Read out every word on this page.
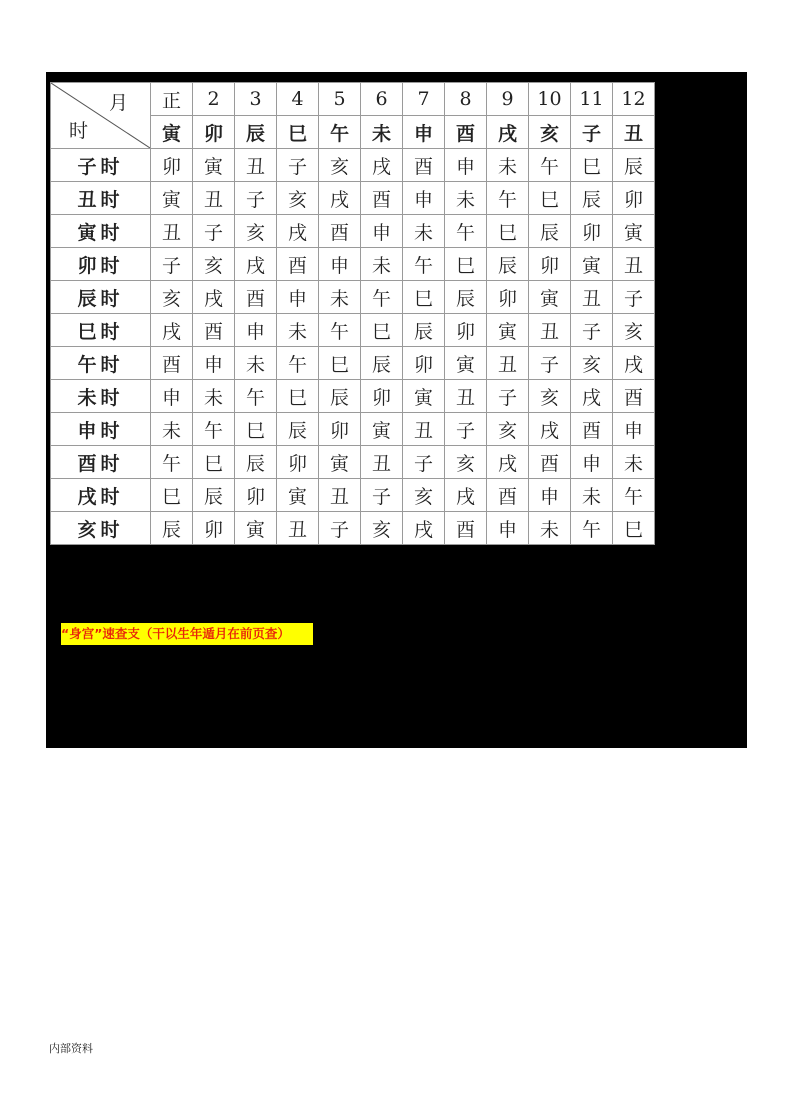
月
时	正	2	3	4	5	6	7	8	9	10	11	12
	寅	卯	辰	巳	午	未	申	酉	戌	亥	子	丑
子时	卯	寅	丑	子	亥	戌	酉	申	未	午	巳	辰
丑时	寅	丑	子	亥	戌	酉	申	未	午	巳	辰	卯
寅时	丑	子	亥	戌	酉	申	未	午	巳	辰	卯	寅
卯时	子	亥	戌	酉	申	未	午	巳	辰	卯	寅	丑
辰时	亥	戌	酉	申	未	午	巳	辰	卯	寅	丑	子
巳时	戌	酉	申	未	午	巳	辰	卯	寅	丑	子	亥
午时	酉	申	未	午	巳	辰	卯	寅	丑	子	亥	戌
未时	申	未	午	巳	辰	卯	寅	丑	子	亥	戌	酉
申时	未	午	巳	辰	卯	寅	丑	子	亥	戌	酉	申
酉时	午	巳	辰	卯	寅	丑	子	亥	戌	酉	申	未
戌时	巳	辰	卯	寅	丑	子	亥	戌	酉	申	未	午
亥时	辰	卯	寅	丑	子	亥	戌	酉	申	未	午	巳
“身宫”速查支（干以生年遁月在前页查）
内部资料
